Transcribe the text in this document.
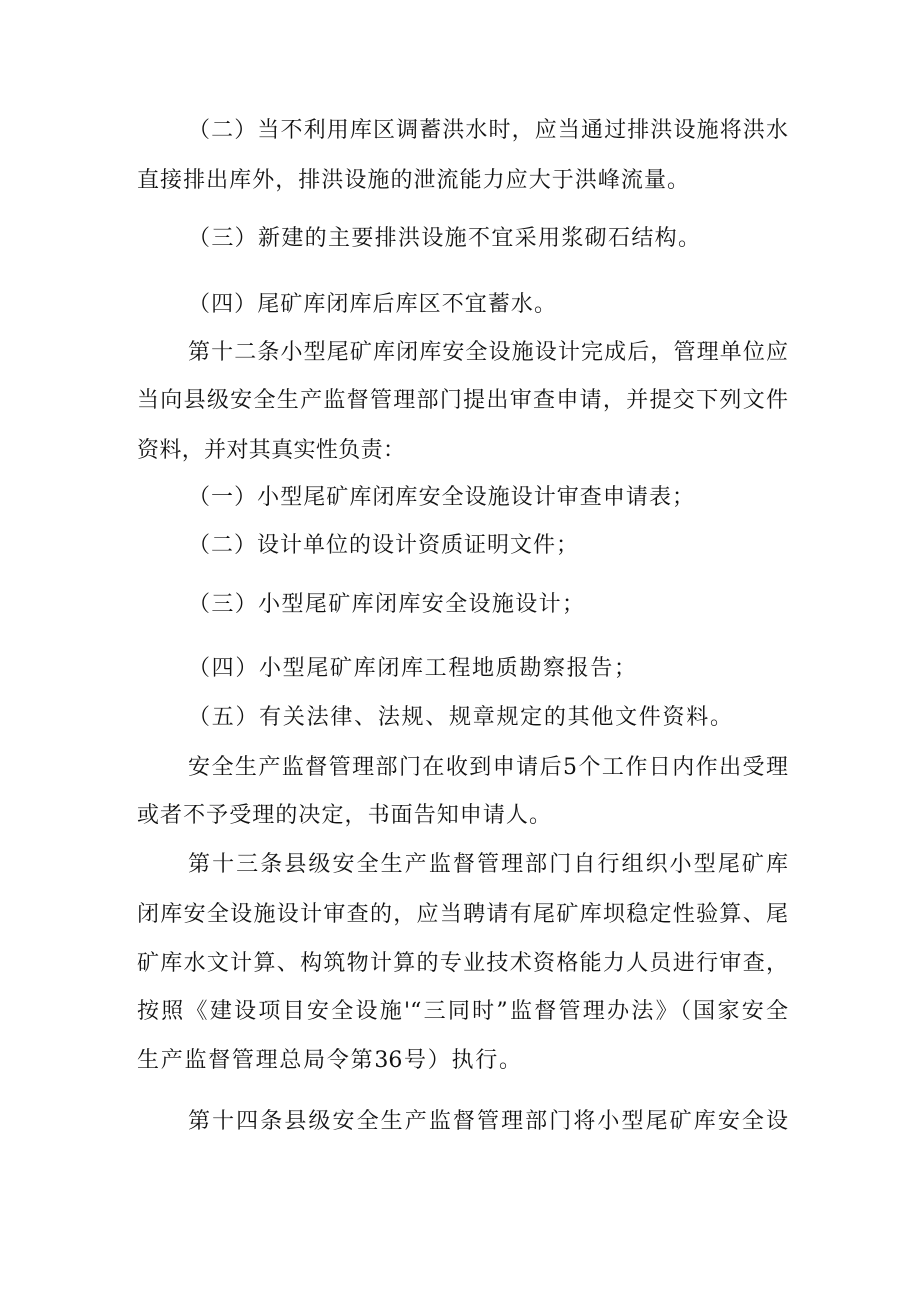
（二）当不利用库区调蓄洪水时，应当通过排洪设施将洪水
直接排出库外，排洪设施的泄流能力应大于洪峰流量。
（三）新建的主要排洪设施不宜采用浆砌石结构。
（四）尾矿库闭库后库区不宜蓄水。
第十二条小型尾矿库闭库安全设施设计完成后，管理单位应
当向县级安全生产监督管理部门提出审查申请，并提交下列文件
资料，并对其真实性负责：
（一）小型尾矿库闭库安全设施设计审查申请表；
（二）设计单位的设计资质证明文件；
（三）小型尾矿库闭库安全设施设计；
（四）小型尾矿库闭库工程地质勘察报告；
（五）有关法律、法规、规章规定的其他文件资料。
安全生产监督管理部门在收到申请后5个工作日内作出受理
或者不予受理的决定，书面告知申请人。
第十三条县级安全生产监督管理部门自行组织小型尾矿库
闭库安全设施设计审查的，应当聘请有尾矿库坝稳定性验算、尾
矿库水文计算、构筑物计算的专业技术资格能力人员进行审查，
按照《建设项目安全设施'“三同时”监督管理办法》（国家安全
生产监督管理总局令第36号）执行。
第十四条县级安全生产监督管理部门将小型尾矿库安全设
